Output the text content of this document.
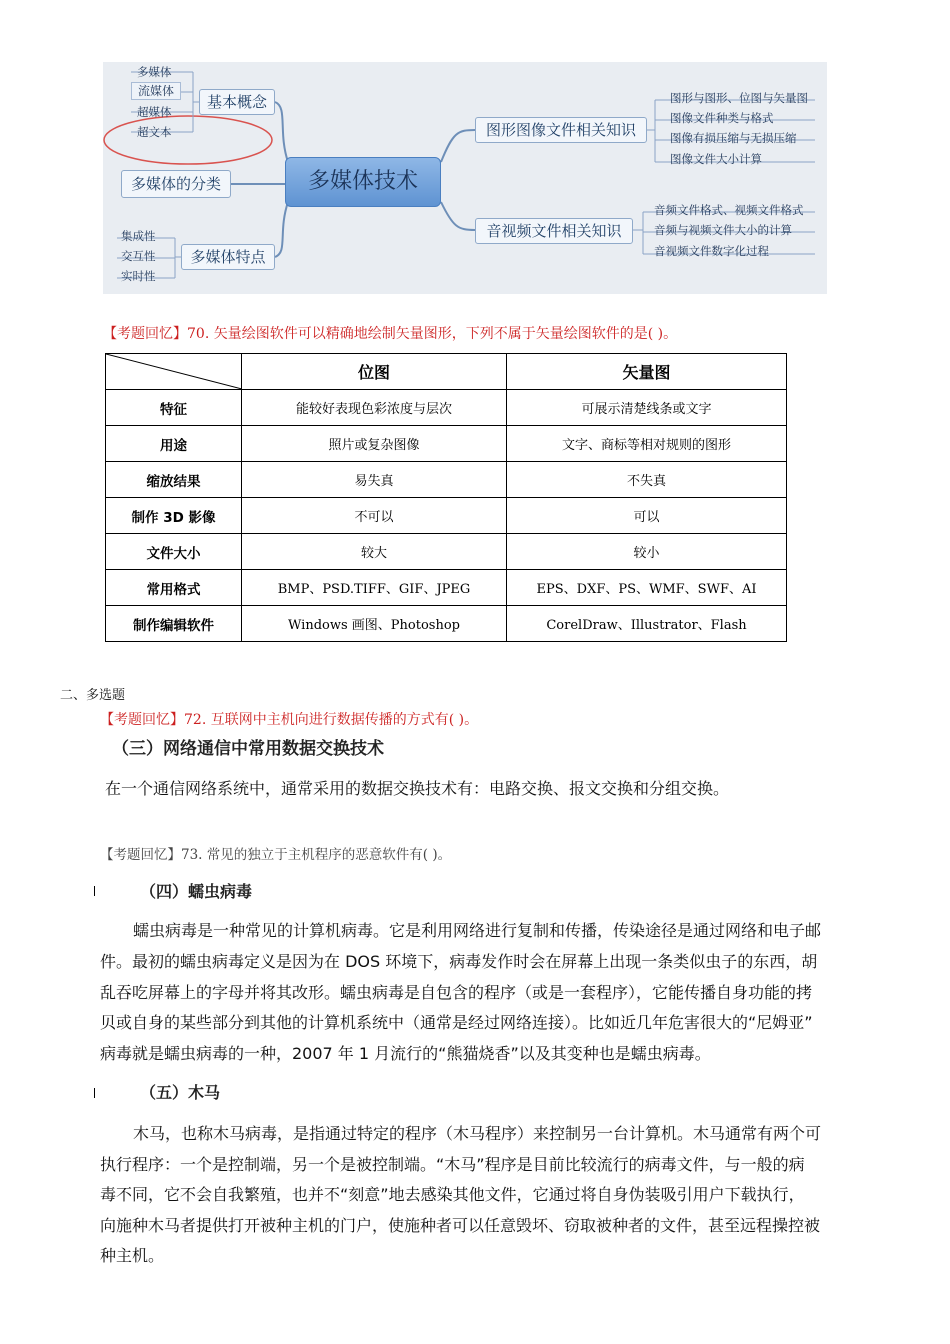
多媒体技术
基本概念
多媒体的分类
多媒体特点
图形图像文件相关知识
音视频文件相关知识
多媒体
流媒体
超媒体
超文本
集成性
交互性
实时性
图形与图形、位图与矢量图
图像文件种类与格式
图像有损压缩与无损压缩
图像文件大小计算
音频文件格式、视频文件格式
音频与视频文件大小的计算
音视频文件数字化过程
【考题回忆】70. 矢量绘图软件可以精确地绘制矢量图形，下列不属于矢量绘图软件的是( )。
	位图	矢量图
特征	能较好表现色彩浓度与层次	可展示清楚线条或文字
用途	照片或复杂图像	文字、商标等相对规则的图形
缩放结果	易失真	不失真
制作 3D 影像	不可以	可以
文件大小	较大	较小
常用格式	BMP、PSD.TIFF、GIF、JPEG	EPS、DXF、PS、WMF、SWF、AI
制作编辑软件	Windows 画图、Photoshop	CorelDraw、Illustrator、Flash
二、多选题
【考题回忆】72. 互联网中主机向进行数据传播的方式有( )。
（三）网络通信中常用数据交换技术
在一个通信网络系统中，通常采用的数据交换技术有：电路交换、报文交换和分组交换。
【考题回忆】73. 常见的独立于主机程序的恶意软件有( )。
（四）蠕虫病毒
蠕虫病毒是一种常见的计算机病毒。它是利用网络进行复制和传播，传染途径是通过网络和电子邮
件。最初的蠕虫病毒定义是因为在 DOS 环境下，病毒发作时会在屏幕上出现一条类似虫子的东西，胡
乱吞吃屏幕上的字母并将其改形。蠕虫病毒是自包含的程序（或是一套程序），它能传播自身功能的拷
贝或自身的某些部分到其他的计算机系统中（通常是经过网络连接）。比如近几年危害很大的“尼姆亚”
病毒就是蠕虫病毒的一种，2007 年 1 月流行的“熊猫烧香”以及其变种也是蠕虫病毒。
（五）木马
木马，也称木马病毒，是指通过特定的程序（木马程序）来控制另一台计算机。木马通常有两个可
执行程序：一个是控制端，另一个是被控制端。“木马”程序是目前比较流行的病毒文件，与一般的病
毒不同，它不会自我繁殖，也并不“刻意”地去感染其他文件，它通过将自身伪装吸引用户下载执行，
向施种木马者提供打开被种主机的门户，使施种者可以任意毁坏、窃取被种者的文件，甚至远程操控被
种主机。
